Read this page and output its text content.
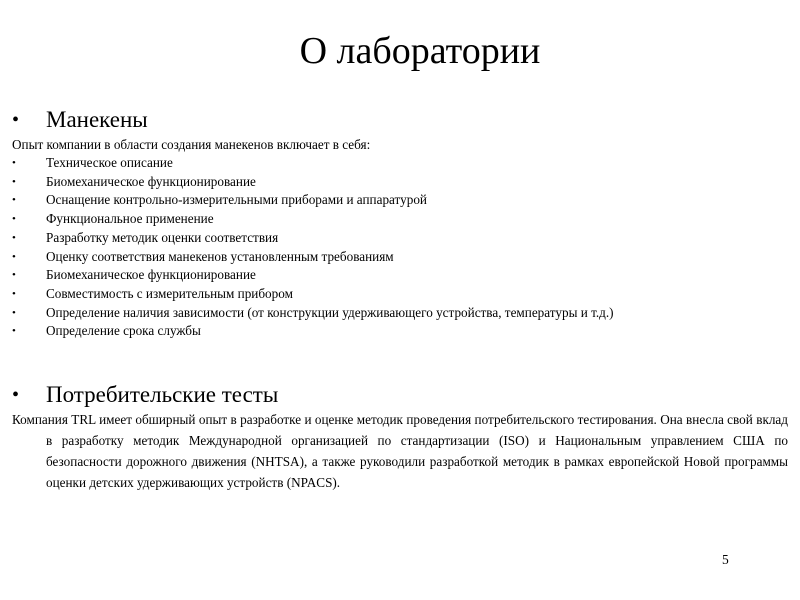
О лаборатории
•	Манекены

Опыт компании в области создания манекенов включает в себя:

•	Техническое описание
•	Биомеханическое функционирование
•	Оснащение контрольно-измерительными приборами и аппаратурой
•	Функциональное применение
•	Разработку методик оценки соответствия
•	Оценку соответствия манекенов установленным требованиям
•	Биомеханическое функционирование
•	Совместимость с измерительным прибором
•	Определение наличия зависимости (от конструкции удерживающего устройства, температуры и т.д.)
•	Определение срока службы
•	Потребительские тесты

Компания TRL имеет обширный опыт в разработке и оценке методик проведения потребительского тестирования. Она внесла свой вклад в разработку методик Международной организацией по стандартизации (ISO) и Национальным управлением США по безопасности дорожного движения (NHTSA), а также руководили разработкой методик в рамках европейской Новой программы оценки детских удерживающих устройств (NPACS).

5
